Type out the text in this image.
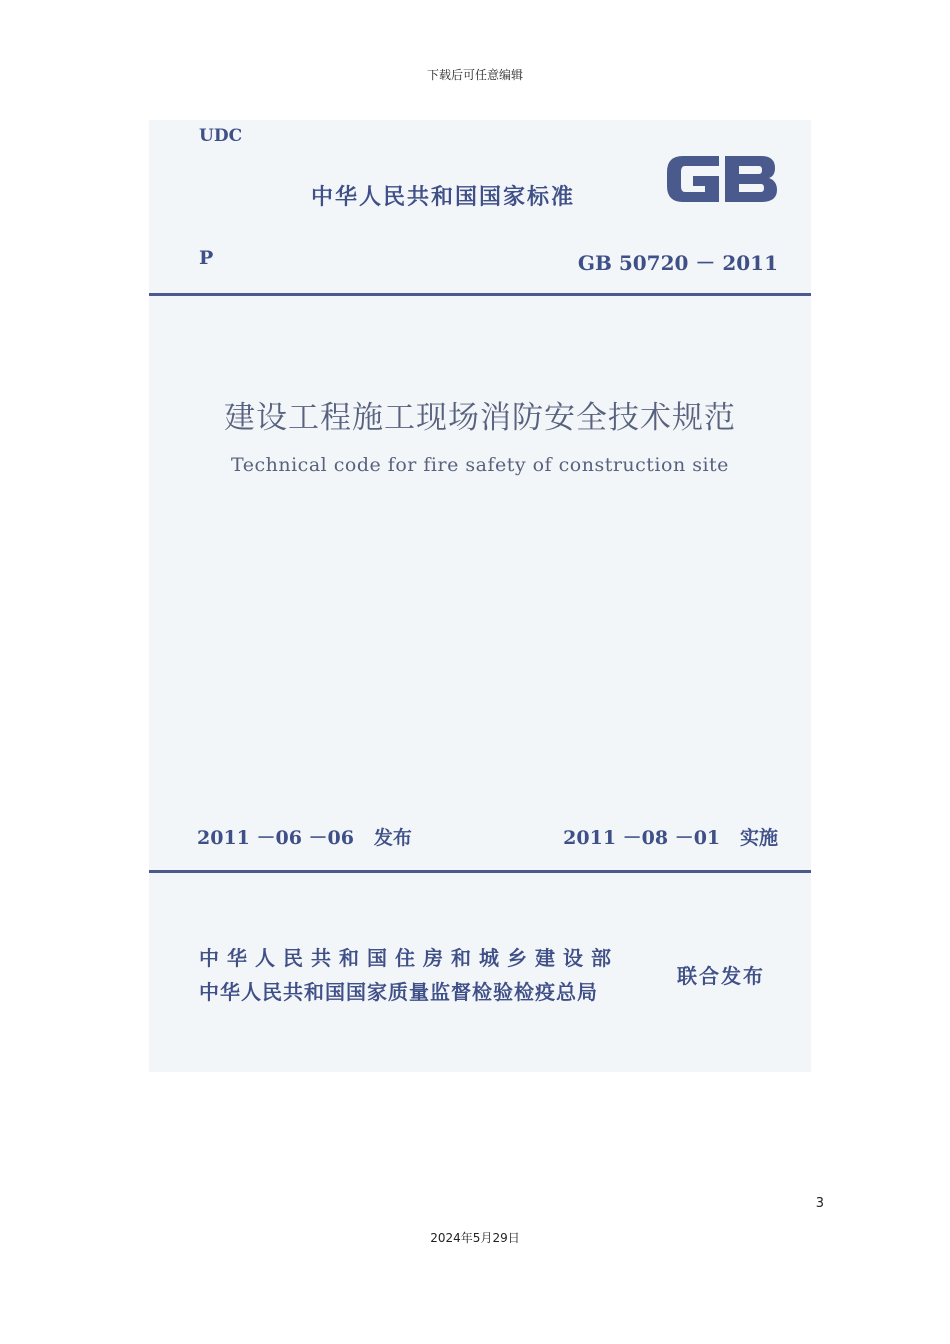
下载后可任意编辑
UDC
中华人民共和国国家标准	GB
P	GB 50720 － 2011
建设工程施工现场消防安全技术规范
Technical code for fire safety of construction site
2011 －06 －06   发布	2011 －08 －01   实施
中华人民共和国住房和城乡建设部
中华人民共和国国家质量监督检验检疫总局
联合发布
3
2024年5月29日
